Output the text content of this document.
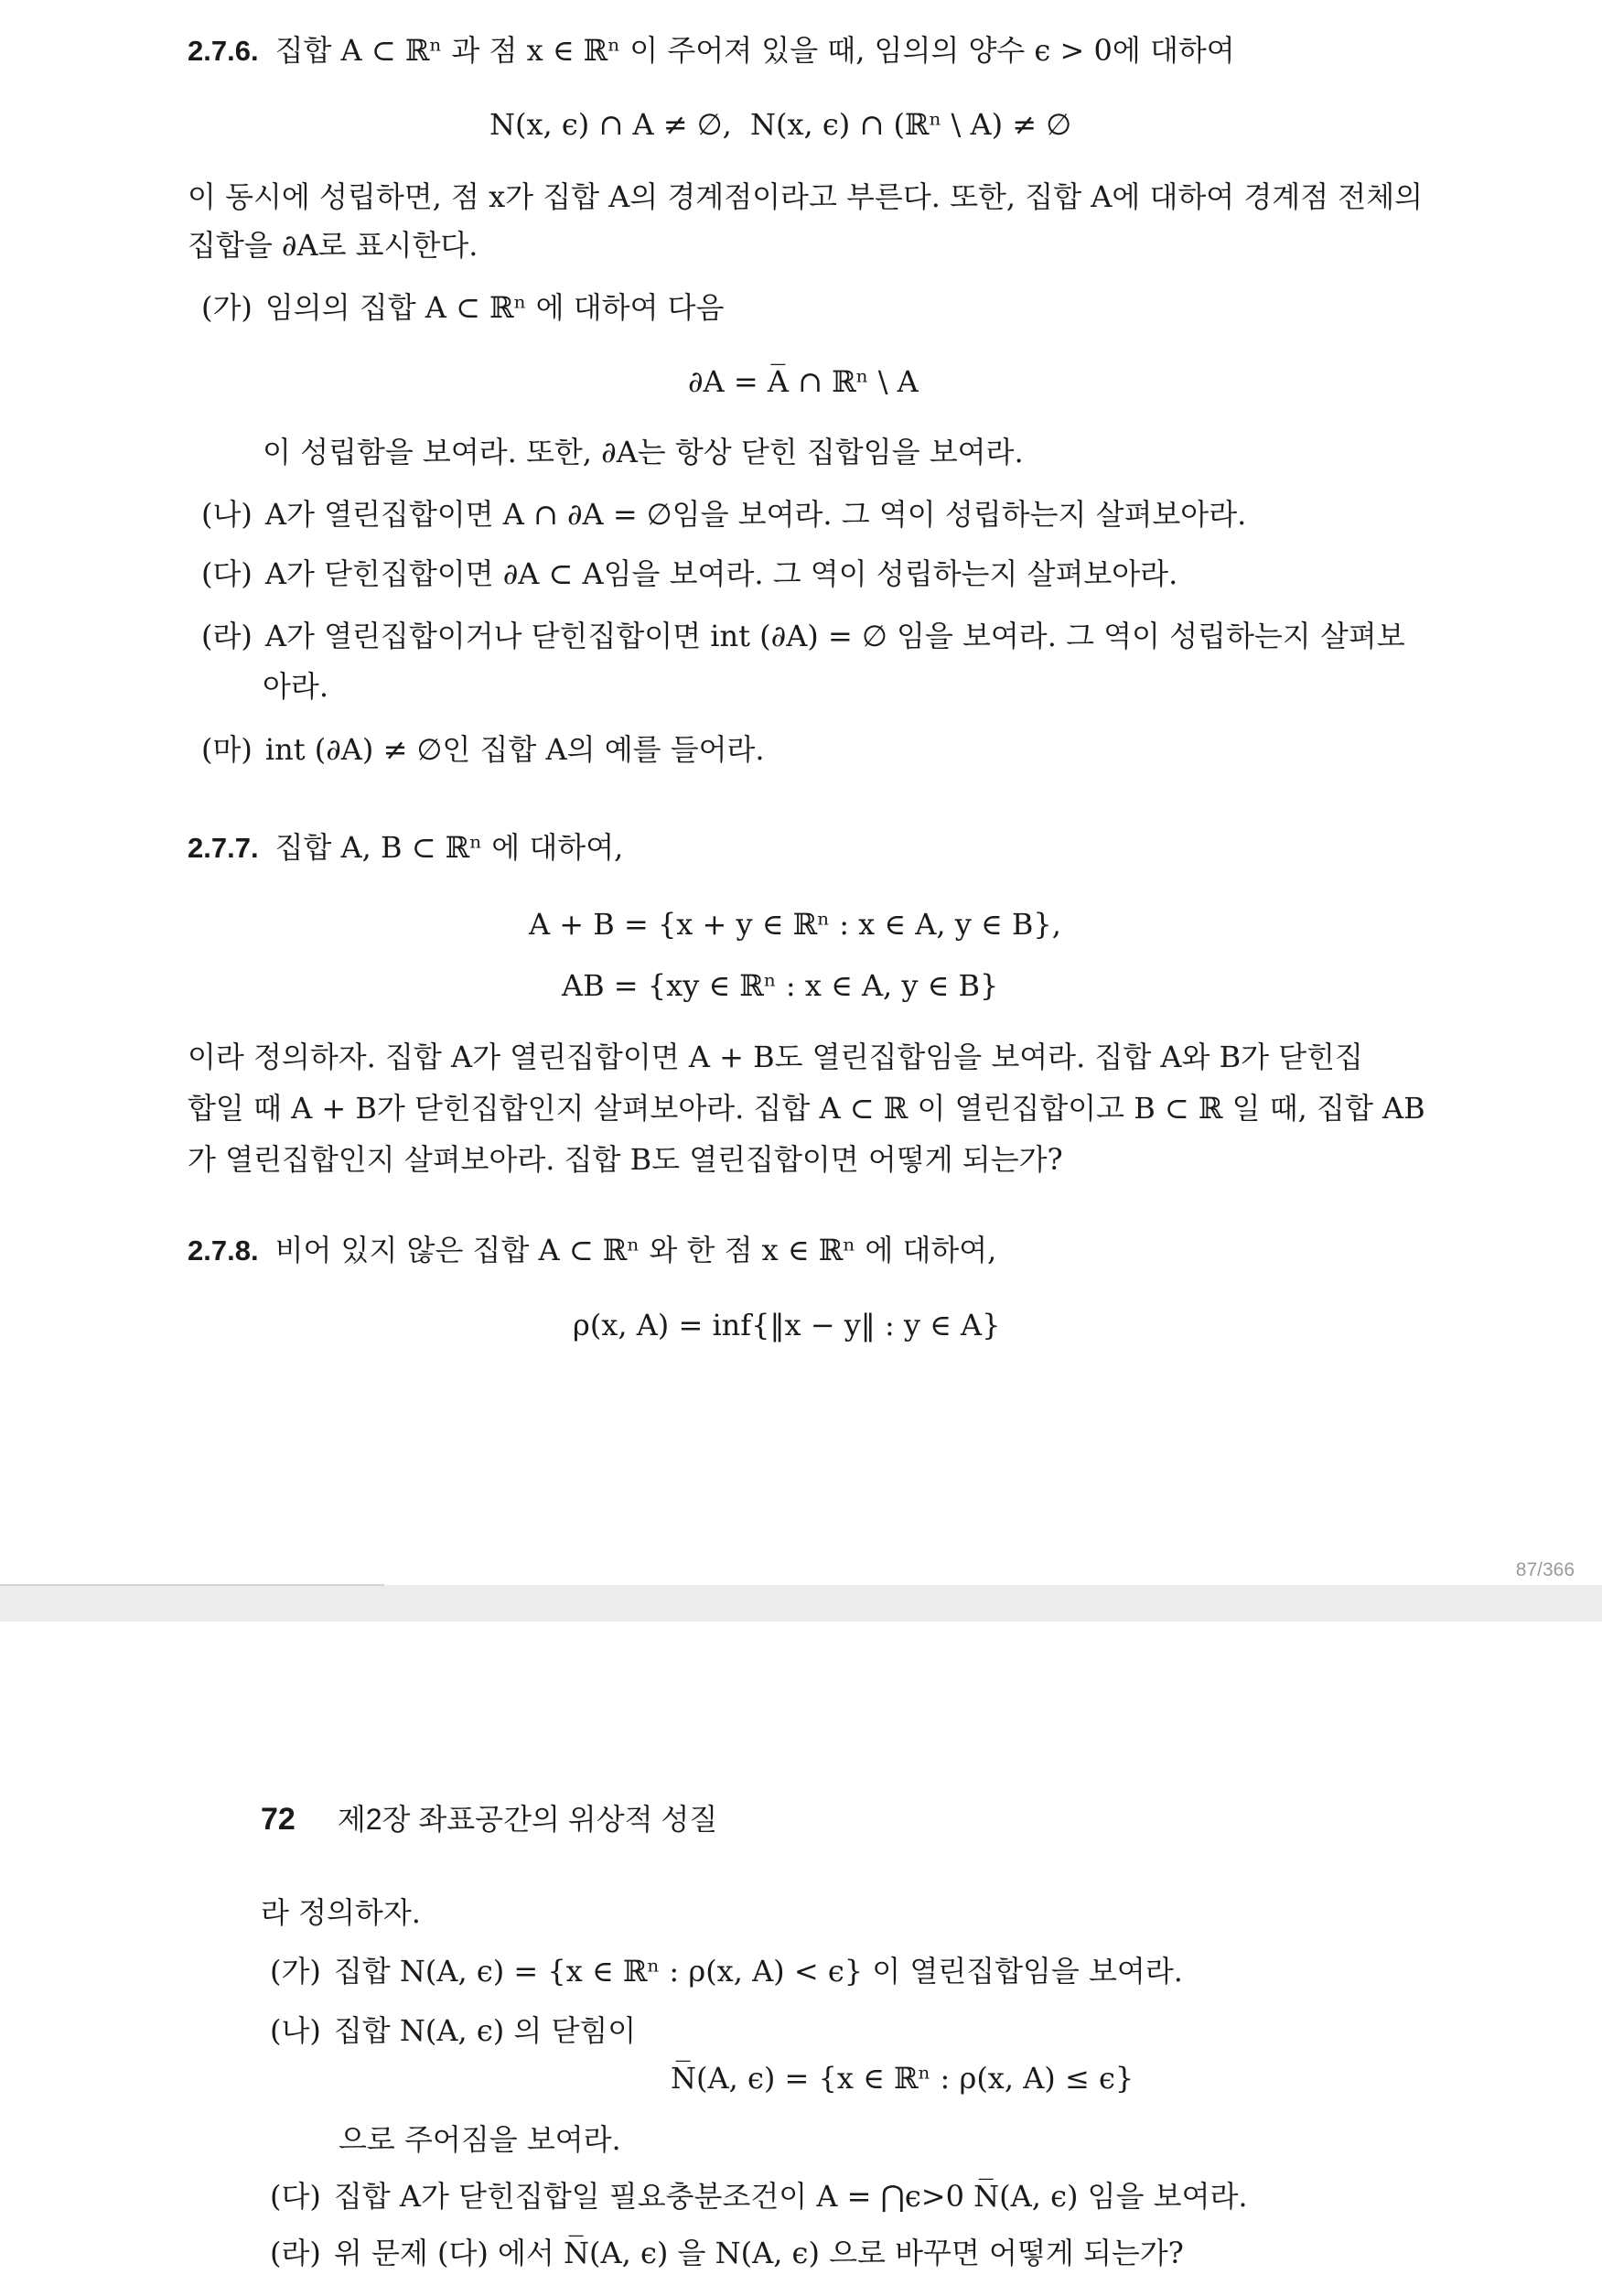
2.7.6. 집합 A ⊂ ℝⁿ 과 점 x ∈ ℝⁿ 이 주어져 있을 때, 임의의 양수 ϵ > 0에 대하여
N(x, ϵ) ∩ A ≠ ∅, N(x, ϵ) ∩ (ℝⁿ \ A) ≠ ∅
이 동시에 성립하면, 점 x가 집합 A의 경계점이라고 부른다. 또한, 집합 A에 대하여 경계점 전체의
집합을 ∂A로 표시한다.
(가) 임의의 집합 A ⊂ ℝⁿ 에 대하여 다음
∂A = A̅ ∩ ℝⁿ \ A
이 성립함을 보여라. 또한, ∂A는 항상 닫힌 집합임을 보여라.
(나) A가 열린집합이면 A ∩ ∂A = ∅임을 보여라. 그 역이 성립하는지 살펴보아라.
(다) A가 닫힌집합이면 ∂A ⊂ A임을 보여라. 그 역이 성립하는지 살펴보아라.
(라) A가 열린집합이거나 닫힌집합이면 int (∂A) = ∅ 임을 보여라. 그 역이 성립하는지 살펴보
아라.
(마) int (∂A) ≠ ∅인 집합 A의 예를 들어라.
2.7.7. 집합 A, B ⊂ ℝⁿ 에 대하여,
A + B = {x + y ∈ ℝⁿ : x ∈ A, y ∈ B},
AB = {xy ∈ ℝⁿ : x ∈ A, y ∈ B}
이라 정의하자. 집합 A가 열린집합이면 A + B도 열린집합임을 보여라. 집합 A와 B가 닫힌집
합일 때 A + B가 닫힌집합인지 살펴보아라. 집합 A ⊂ ℝ 이 열린집합이고 B ⊂ ℝ 일 때, 집합 AB
가 열린집합인지 살펴보아라. 집합 B도 열린집합이면 어떻게 되는가?
2.7.8. 비어 있지 않은 집합 A ⊂ ℝⁿ 와 한 점 x ∈ ℝⁿ 에 대하여,
ρ(x, A) = inf{‖x − y‖ : y ∈ A}
87/366
72 제2장 좌표공간의 위상적 성질
라 정의하자.
(가) 집합 N(A, ϵ) = {x ∈ ℝⁿ : ρ(x, A) < ϵ} 이 열린집합임을 보여라.
(나) 집합 N(A, ϵ) 의 닫힘이
N̅(A, ϵ) = {x ∈ ℝⁿ : ρ(x, A) ≤ ϵ}
으로 주어짐을 보여라.
(다) 집합 A가 닫힌집합일 필요충분조건이 A = ⋂ϵ>0 N̅(A, ϵ) 임을 보여라.
(라) 위 문제 (다) 에서 N̅(A, ϵ) 을 N(A, ϵ) 으로 바꾸면 어떻게 되는가?
